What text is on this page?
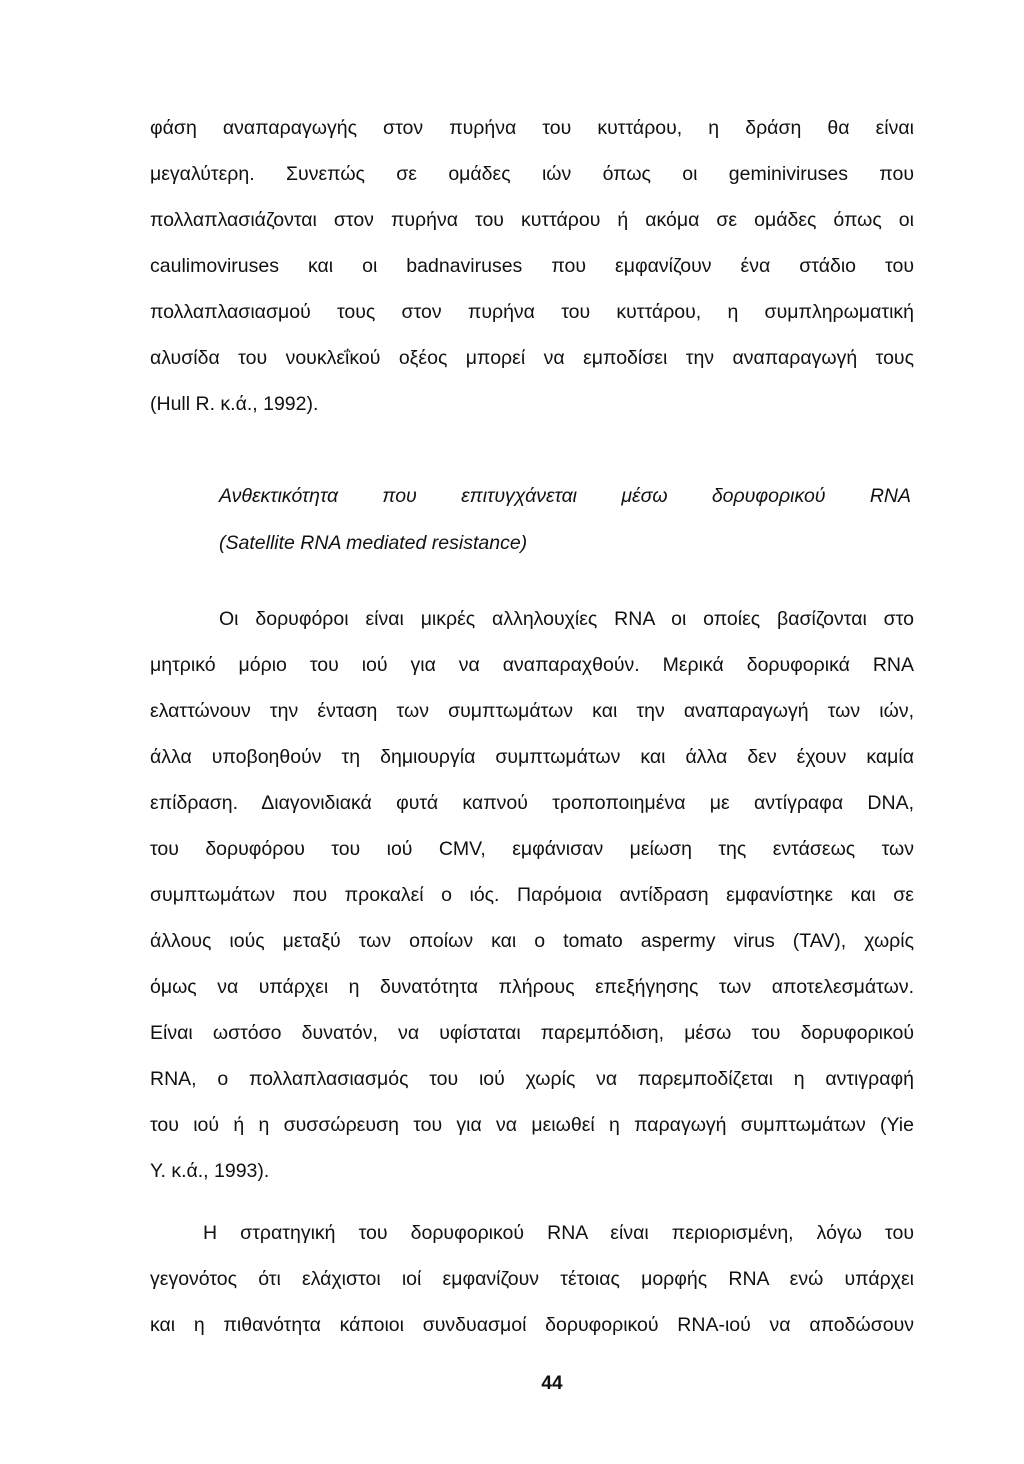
φάση αναπαραγωγής στον πυρήνα του κυττάρου, η δράση θα είναι
μεγαλύτερη. Συνεπώς σε ομάδες ιών όπως οι geminiviruses που
πολλαπλασιάζονται στον πυρήνα του κυττάρου ή ακόμα σε ομάδες όπως οι
caulimoviruses και οι badnaviruses που εμφανίζουν ένα στάδιο του
πολλαπλασιασμού τους στον πυρήνα του κυττάρου, η συμπληρωματική
αλυσίδα του νουκλεΐκού οξέος μπορεί να εμποδίσει την αναπαραγωγή τους
(Hull R. κ.ά., 1992).
Ανθεκτικότητα που επιτυγχάνεται μέσω δορυφορικού RNA
(Satellite RNA mediated resistance)
Οι δορυφόροι είναι μικρές αλληλουχίες RNA οι οποίες βασίζονται στο
μητρικό μόριο του ιού για να αναπαραχθούν. Μερικά δορυφορικά RNA
ελαττώνουν την ένταση των συμπτωμάτων και την αναπαραγωγή των ιών,
άλλα υποβοηθούν τη δημιουργία συμπτωμάτων και άλλα δεν έχουν καμία
επίδραση. Διαγονιδιακά φυτά καπνού τροποποιημένα με αντίγραφα DNA,
του δορυφόρου του ιού CMV, εμφάνισαν μείωση της εντάσεως των
συμπτωμάτων που προκαλεί ο ιός. Παρόμοια αντίδραση εμφανίστηκε και σε
άλλους ιούς μεταξύ των οποίων και ο tomato aspermy virus (TAV), χωρίς
όμως να υπάρχει η δυνατότητα πλήρους επεξήγησης των αποτελεσμάτων.
Είναι ωστόσο δυνατόν, να υφίσταται παρεμπόδιση, μέσω του δορυφορικού
RNA, ο πολλαπλασιασμός του ιού χωρίς να παρεμποδίζεται η αντιγραφή
του ιού ή η συσσώρευση του για να μειωθεί η παραγωγή συμπτωμάτων (Yie
Y. κ.ά., 1993).
Η στρατηγική του δορυφορικού RNA είναι περιορισμένη, λόγω του
γεγονότος ότι ελάχιστοι ιοί εμφανίζουν τέτοιας μορφής RNA ενώ υπάρχει
και η πιθανότητα κάποιοι συνδυασμοί δορυφορικού RNA-ιού να αποδώσουν
44
